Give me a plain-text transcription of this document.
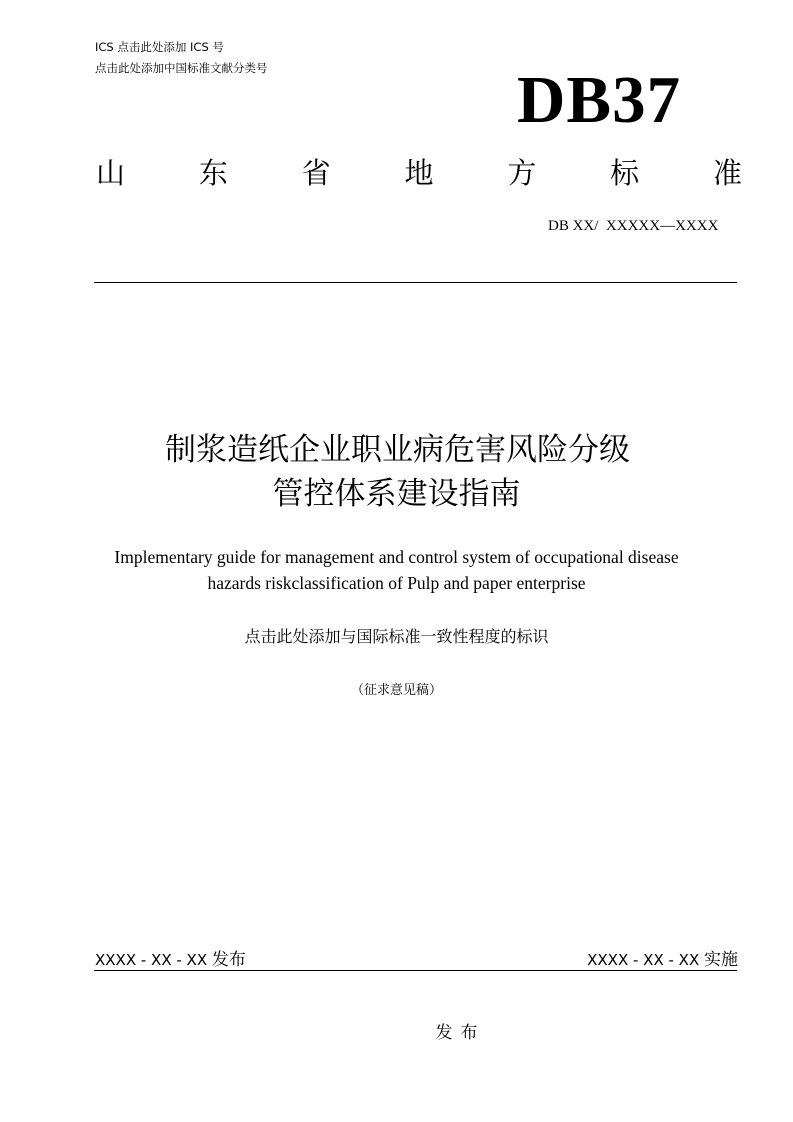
ICS 点击此处添加 ICS 号
点击此处添加中国标准文献分类号	DB37
山	东	省	地	方	标	准
DB XX/  XXXXX—XXXX
制浆造纸企业职业病危害风险分级
管控体系建设指南
Implementary guide for management and control system of occupational disease
hazards riskclassification of Pulp and paper enterprise
点击此处添加与国际标准一致性程度的标识
（征求意见稿）
XXXX - XX - XX 发布	XXXX - XX - XX 实施
发布
